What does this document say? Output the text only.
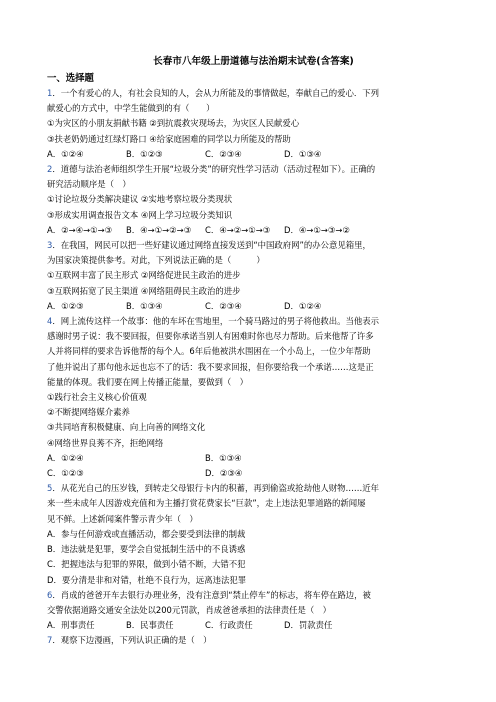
长春市八年级上册道德与法治期末试卷(含答案)
一、选择题
1．一个有爱心的人，有社会良知的人，会从力所能及的事情做起，奉献自己的爱心．下列
献爱心的方式中，中学生能做到的有（　　）
①为灾区的小朋友捐献书籍 ②到抗震救灾现场去，为灾区人民献爱心
③扶老奶奶通过红绿灯路口 ④给家庭困难的同学以力所能及的帮助
A．①②④	B．①②③	C．②③④	D．①③④
2．道德与法治老师组织学生开展“垃圾分类”的研究性学习活动（活动过程如下）。正确的
研究活动顺序是（　）
①讨论垃圾分类解决建议 ②实地考察垃圾分类现状
③形成实用调查报告文本 ④网上学习垃圾分类知识
A．②→④→①→③	B．④→①→②→③	C．④→②→①→③	D．④→①→③→②
3．在我国，网民可以把一些好建议通过网络直接发送到“中国政府网”的办公意见箱里，
为国家决策提供参考。对此，下列说法正确的是（　　　）
①互联网丰富了民主形式 ②网络促进民主政治的进步
③互联网拓宽了民主渠道 ④网络阻碍民主政治的进步
A．①②③	B．①③④	C．②③④	D．①②④
4．网上流传这样一个故事：他的车坏在雪地里，一个骑马路过的男子将他救出。当他表示
感谢时男子说：我不要回报，但要你承诺当别人有困难时你也尽力帮助。后来他帮了许多
人并将同样的要求告诉他帮的每个人。6年后他被洪水围困在一个小岛上，一位少年帮助
了他并说出了那句他永远也忘不了的话：我不要求回报，但你要给我一个承诺……这是正
能量的体现。我们要在网上传播正能量，要做到（　）
①践行社会主义核心价值观
②不断提网络媒介素养
③共同培育积极健康、向上向善的网络文化
④网络世界良莠不齐，拒绝网络
A．①②④	B．①③④
C．①②③	D．②③④
5．从花光自己的压岁钱，到转走父母银行卡内的积蓄，再到偷盗或抢劫他人财物……近年
来一些未成年人因游戏充值和为主播打赏花费家长“巨款”，走上违法犯罪道路的新闻屡
见不鲜。上述新闻案件警示青少年（　）
A．参与任何游戏或直播活动，都会要受到法律的制裁
B．违法就是犯罪，要学会自觉抵制生活中的不良诱惑
C．把握违法与犯罪的界限，做到小错不断，大错不犯
D．要分清是非和对错，杜绝不良行为，远离违法犯罪
6．肖成的爸爸开车去银行办理业务，没有注意到“禁止停车”的标志，将车停在路边，被
交警依据道路交通安全法处以200元罚款，肖成爸爸承担的法律责任是（　）
A．刑事责任	B．民事责任	C．行政责任	D．罚款责任
7．观察下边漫画，下列认识正确的是（　）
